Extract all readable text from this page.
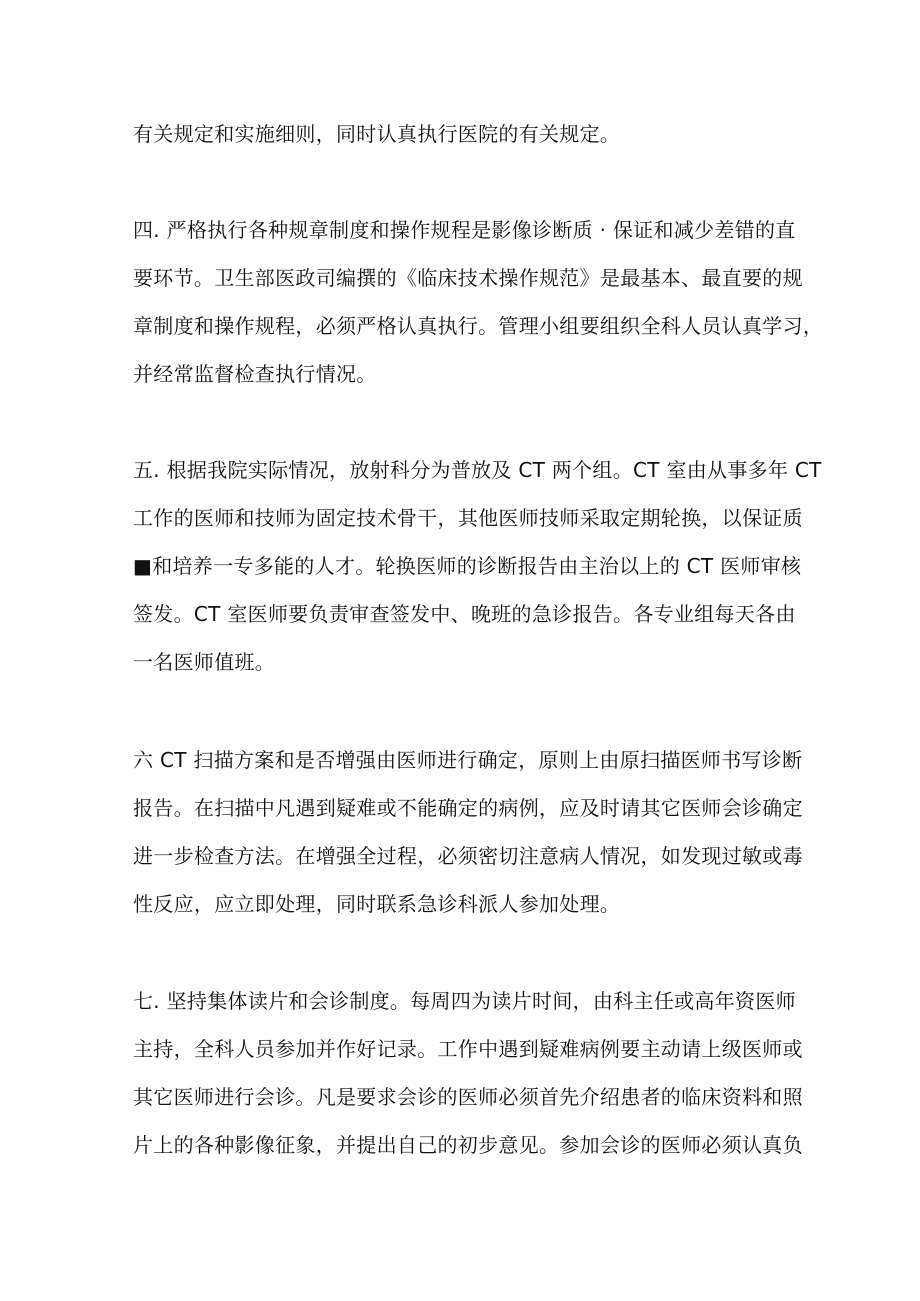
有关规定和实施细则，同时认真执行医院的有关规定。
四. 严格执行各种规章制度和操作规程是影像诊断质 · 保证和减少差错的直
要环节。卫生部医政司编撰的《临床技术操作规范》是最基本、最直要的规
章制度和操作规程，必须严格认真执行。管理小组要组织全科人员认真学习，
并经常监督检查执行情况。
五. 根据我院实际情况，放射科分为普放及 CT 两个组。CT 室由从事多年 CT
工作的医师和技师为固定技术骨干，其他医师技师采取定期轮换，以保证质
■和培养一专多能的人才。轮换医师的诊断报告由主治以上的 CT 医师审核
签发。CT 室医师要负责审查签发中、晚班的急诊报告。各专业组每天各由
一名医师值班。
六 CT 扫描方案和是否增强由医师进行确定，原则上由原扫描医师书写诊断
报告。在扫描中凡遇到疑难或不能确定的病例，应及时请其它医师会诊确定
进一步检查方法。在增强全过程，必须密切注意病人情况，如发现过敏或毒
性反应，应立即处理，同时联系急诊科派人参加处理。
七. 坚持集体读片和会诊制度。每周四为读片时间，由科主任或高年资医师
主持，全科人员参加并作好记录。工作中遇到疑难病例要主动请上级医师或
其它医师进行会诊。凡是要求会诊的医师必须首先介绍患者的临床资料和照
片上的各种影像征象，并提出自己的初步意见。参加会诊的医师必须认真负
